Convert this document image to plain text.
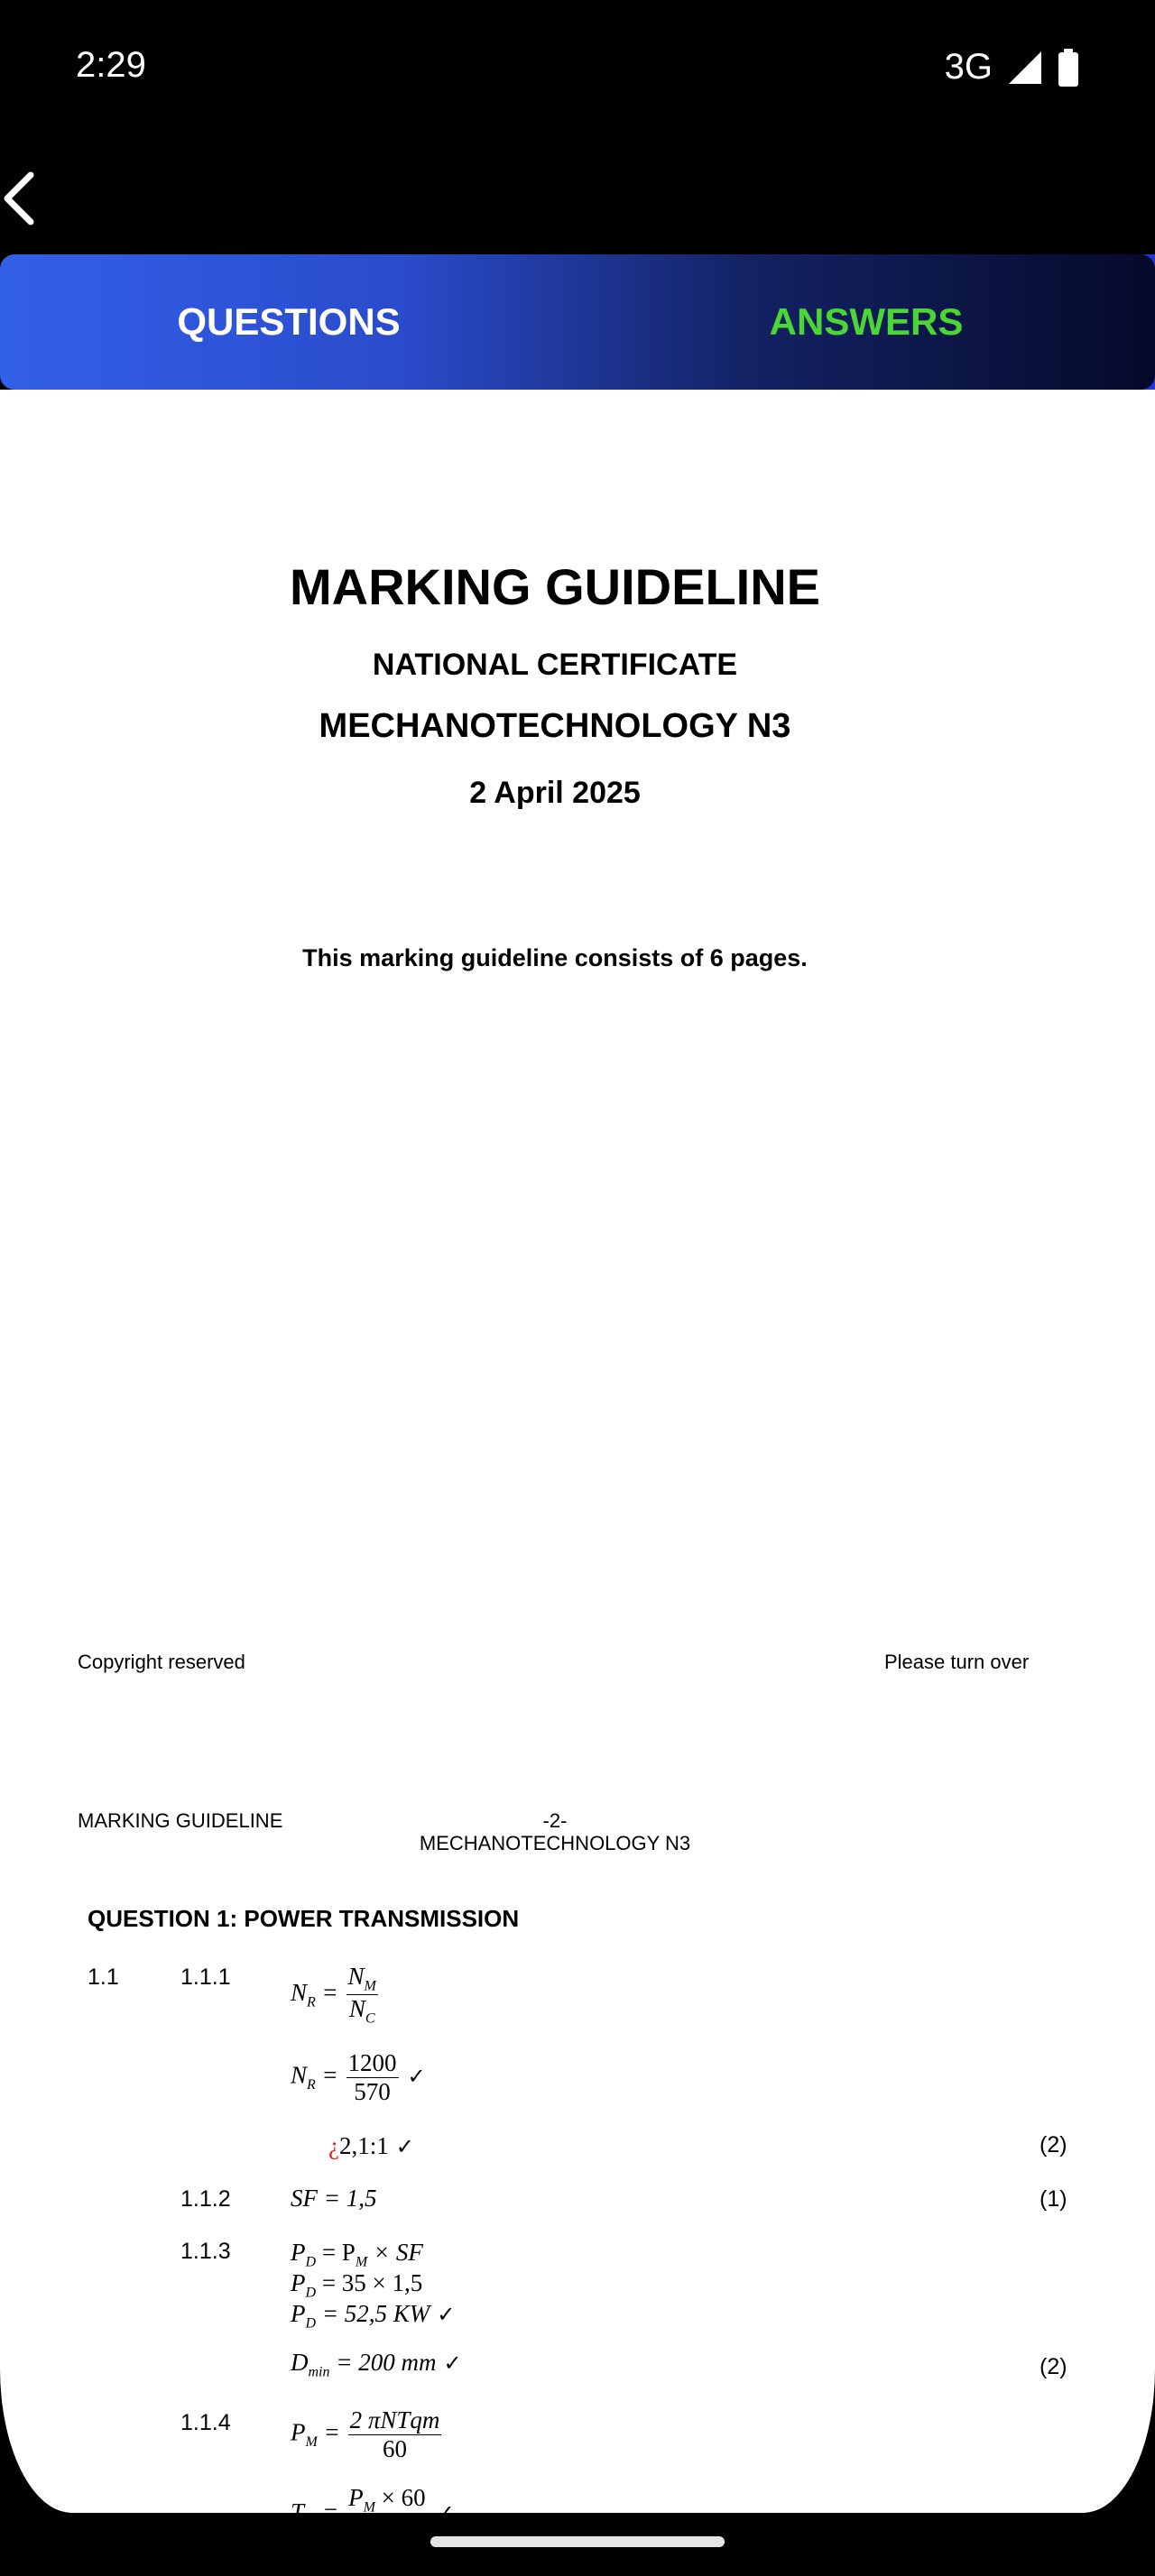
2:29	3G
QUESTIONS	ANSWERS
MARKING GUIDELINE
NATIONAL CERTIFICATE
MECHANOTECHNOLOGY N3
2 April 2025
This marking guideline consists of 6 pages.
Copyright reserved	Please turn over
MARKING GUIDELINE	-2-
MECHANOTECHNOLOGY N3
QUESTION 1: POWER TRANSMISSION
1.1	1.1.1
$N_R = \frac{N_M}{N_C}$
$N_R = \frac{1200}{570}$ ✓
¿2,1:1 ✓	(2)
1.1.2 SF = 1,5	(1)
1.1.3 $P_D = P_M$ × SF
$P_D = 35 \times 1,5$
$P_D = 52,5$ KW ✓
$D_{min} = 200$ mm ✓	(2)
1.1.4 $P_M = \frac{\text{2 πNTqm}}{60}$
$T_M$ =
$P_M \times 60$

✓
